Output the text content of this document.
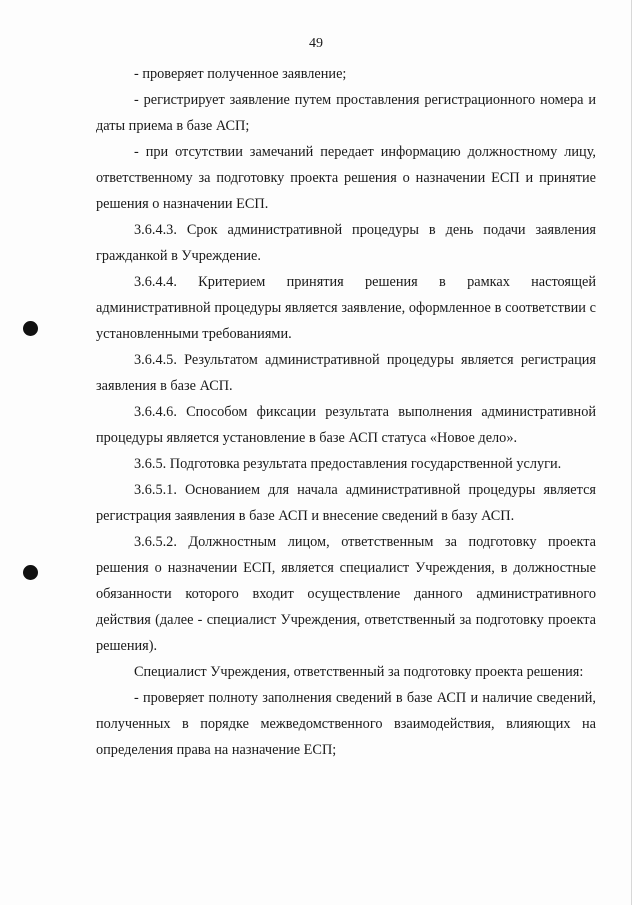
49

- проверяет полученное заявление;

- регистрирует заявление путем проставления регистрационного номера и даты приема в базе АСП;

- при отсутствии замечаний передает информацию должностному лицу, ответственному за подготовку проекта решения о назначении ЕСП и принятие решения о назначении ЕСП.

3.6.4.3. Срок административной процедуры в день подачи заявления гражданкой в Учреждение.

3.6.4.4. Критерием принятия решения в рамках настоящей административной процедуры является заявление, оформленное в соответствии с установленными требованиями.

3.6.4.5. Результатом административной процедуры является регистрация заявления в базе АСП.

3.6.4.6. Способом фиксации результата выполнения административной процедуры является установление в базе АСП статуса «Новое дело».

3.6.5. Подготовка результата предоставления государственной услуги.

3.6.5.1. Основанием для начала административной процедуры является регистрация заявления в базе АСП и внесение сведений в базу АСП.

3.6.5.2. Должностным лицом, ответственным за подготовку проекта решения о назначении ЕСП, является специалист Учреждения, в должностные обязанности которого входит осуществление данного административного действия (далее - специалист Учреждения, ответственный за подготовку проекта решения).

Специалист Учреждения, ответственный за подготовку проекта решения:

- проверяет полноту заполнения сведений в базе АСП и наличие сведений, полученных в порядке межведомственного взаимодействия, влияющих на определения права на назначение ЕСП;
